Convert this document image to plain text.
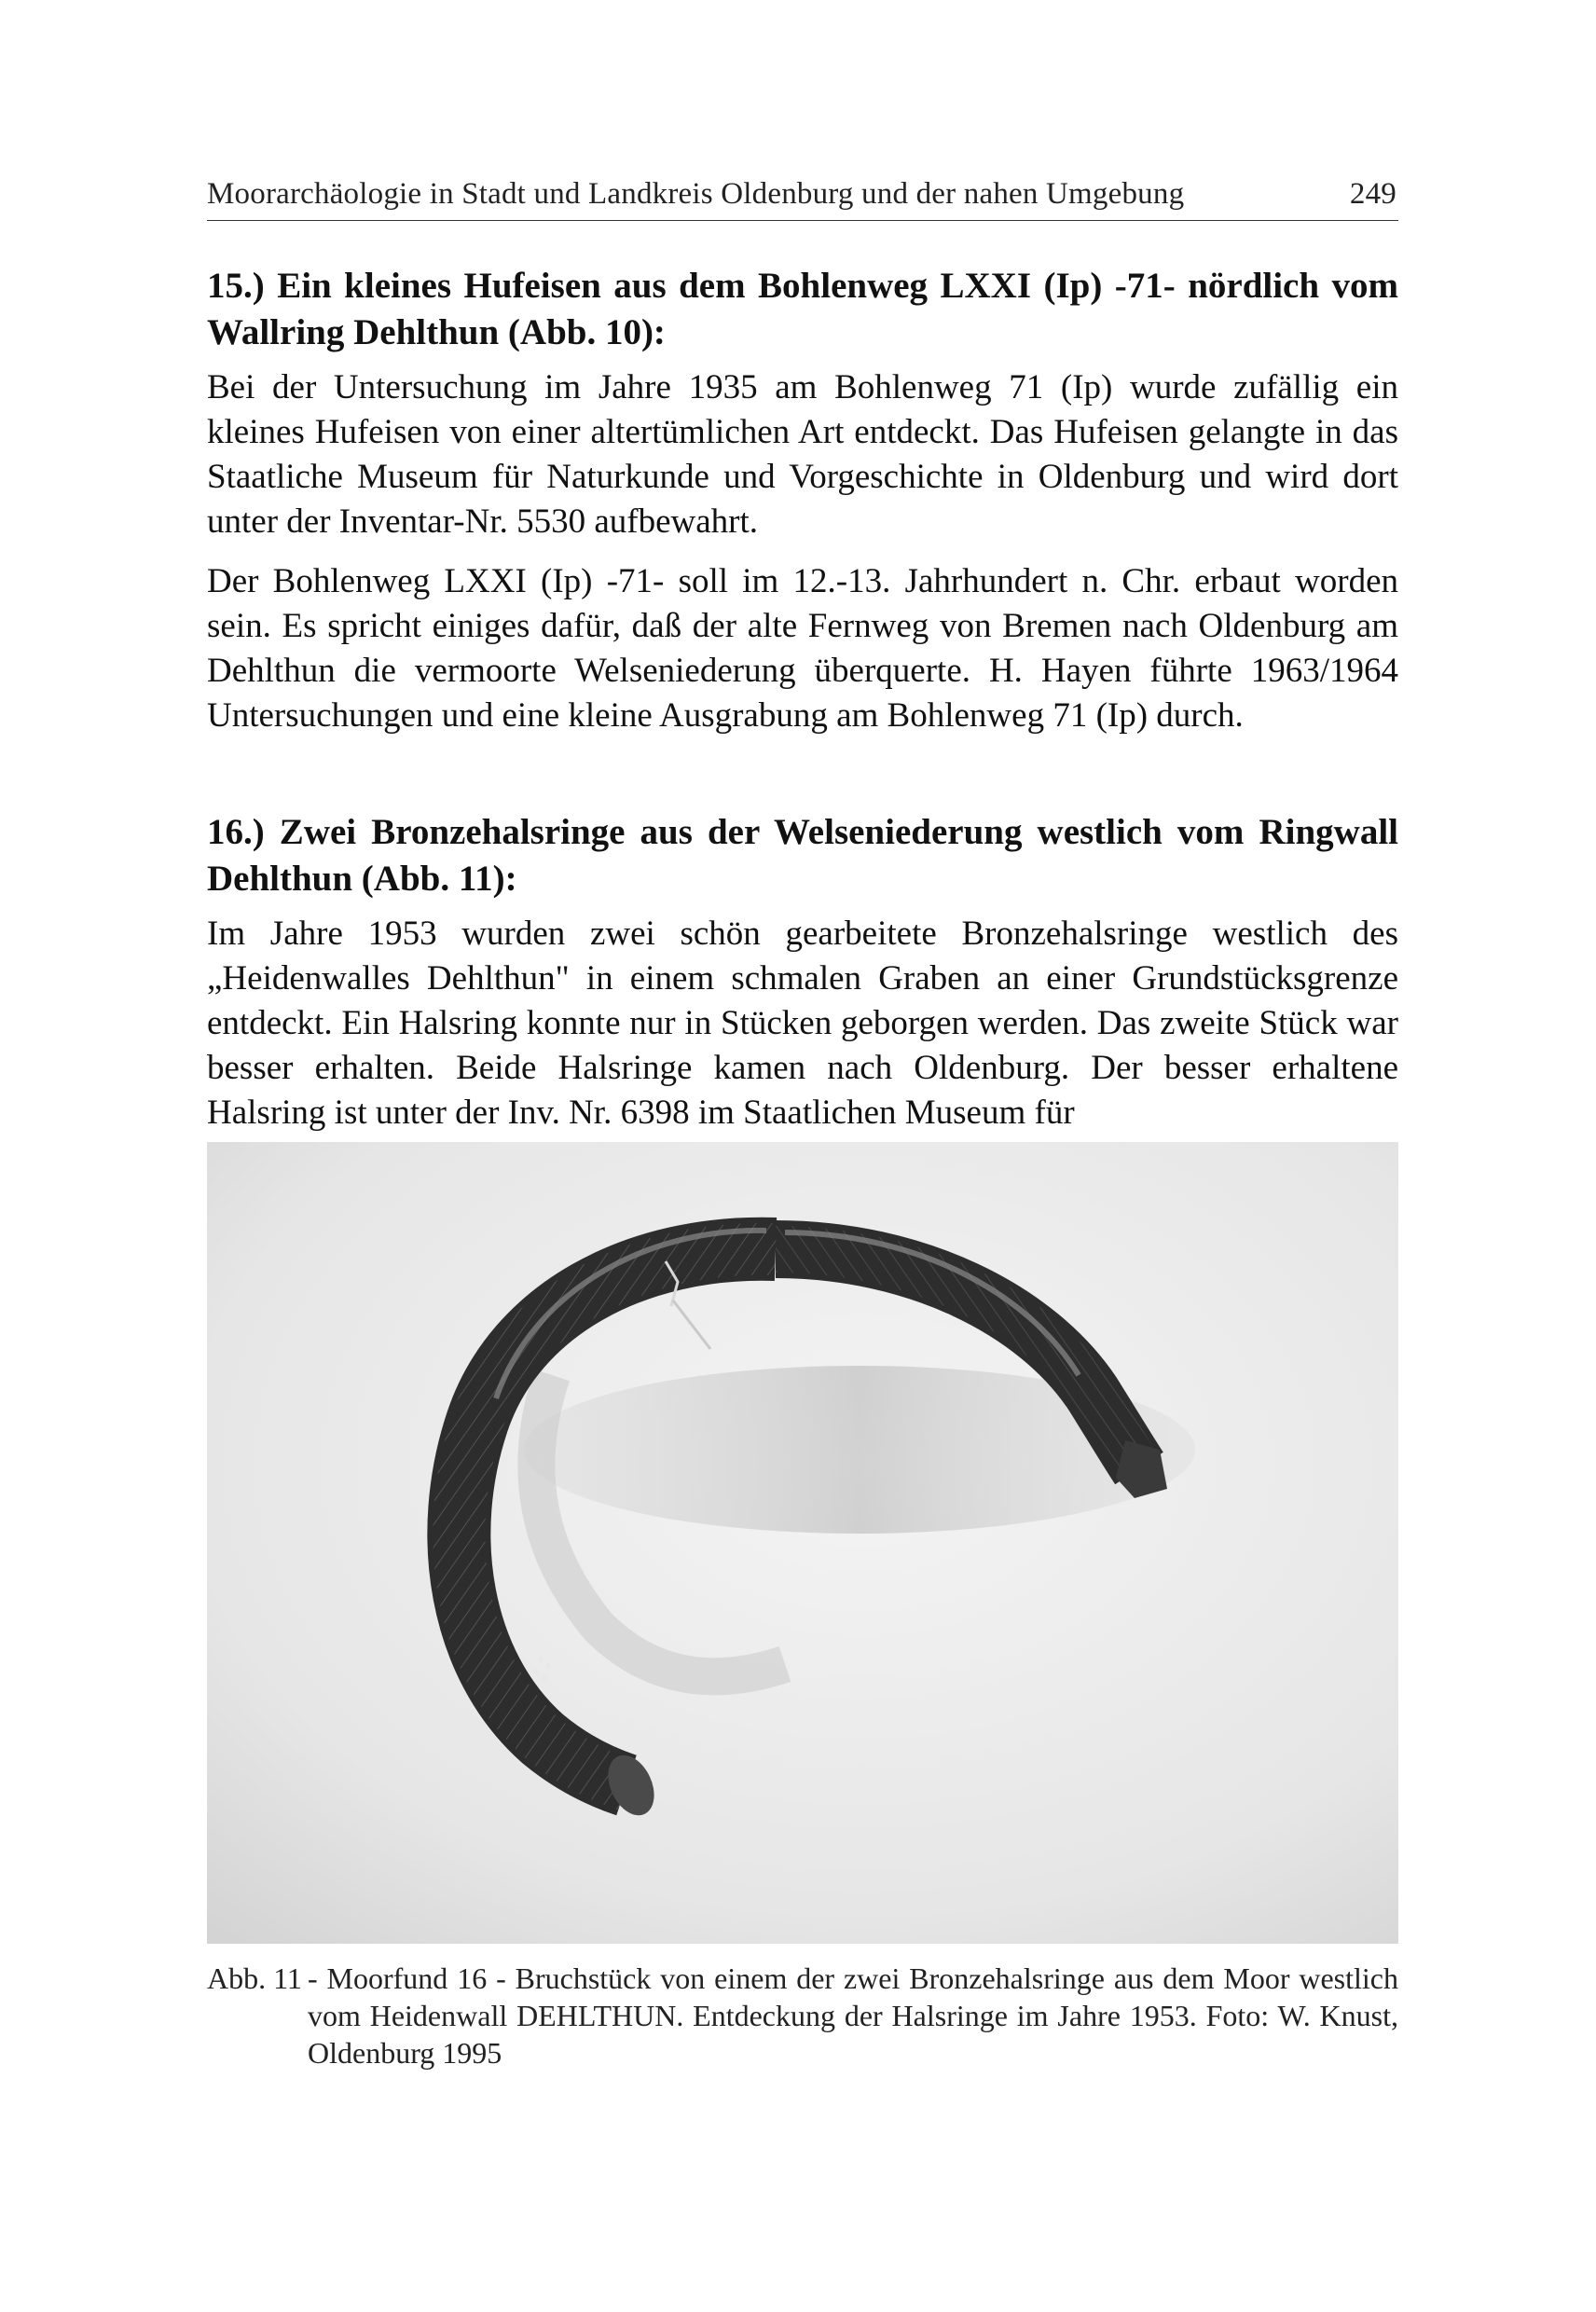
Moorarchäologie in Stadt und Landkreis Oldenburg und der nahen Umgebung	249
15.) Ein kleines Hufeisen aus dem Bohlenweg LXXI (Ip) -71- nördlich vom Wallring Dehlthun (Abb. 10):

Bei der Untersuchung im Jahre 1935 am Bohlenweg 71 (Ip) wurde zufällig ein kleines Hufeisen von einer altertümlichen Art entdeckt. Das Hufeisen gelangte in das Staatliche Museum für Naturkunde und Vorgeschichte in Oldenburg und wird dort unter der Inventar-Nr. 5530 aufbewahrt.

Der Bohlenweg LXXI (Ip) -71- soll im 12.-13. Jahrhundert n. Chr. erbaut worden sein. Es spricht einiges dafür, daß der alte Fernweg von Bremen nach Oldenburg am Dehlthun die vermoorte Welseniederung überquerte. H. Hayen führte 1963/1964 Untersuchungen und eine kleine Ausgrabung am Bohlenweg 71 (Ip) durch.

16.) Zwei Bronzehalsringe aus der Welseniederung westlich vom Ringwall Dehlthun (Abb. 11):

Im Jahre 1953 wurden zwei schön gearbeitete Bronzehalsringe westlich des „Heidenwalles Dehlthun" in einem schmalen Graben an einer Grundstücksgrenze entdeckt. Ein Halsring konnte nur in Stücken geborgen werden. Das zweite Stück war besser erhalten. Beide Halsringe kamen nach Oldenburg. Der besser erhaltene Halsring ist unter der Inv. Nr. 6398 im Staatlichen Museum für

Abb. 11 - Moorfund 16 - Bruchstück von einem der zwei Bronzehalsringe aus dem Moor westlich vom Heidenwall DEHLTHUN. Entdeckung der Halsringe im Jahre 1953. Foto: W. Knust, Oldenburg 1995
